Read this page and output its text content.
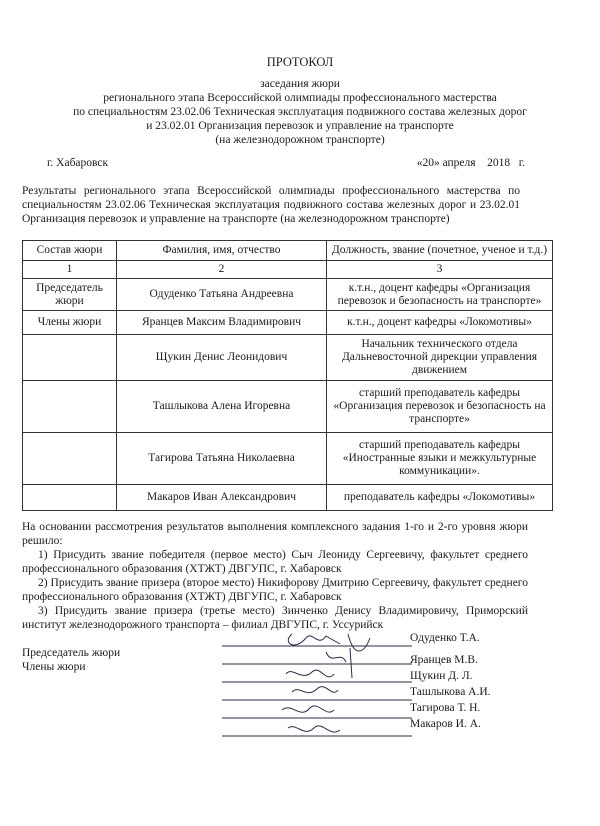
ПРОТОКОЛ
заседания жюри
регионального этапа Всероссийской олимпиады профессионального мастерства
по специальностям 23.02.06 Техническая эксплуатация подвижного состава железных дорог
и 23.02.01 Организация перевозок и управление на транспорте
(на железнодорожном транспорте)
г. Хабаровск	«20» апреля    2018   г.
Результаты регионального этапа Всероссийской олимпиады профессионального мастерства по специальностям 23.02.06 Техническая эксплуатация подвижного состава железных дорог и 23.02.01 Организация перевозок и управление на транспорте (на железнодорожном транспорте)
Состав жюри	Фамилия, имя, отчество	Должность, звание (почетное, ученое и т.д.)
1	2	3
Председатель жюри	Одуденко Татьяна Андреевна	к.т.н., доцент кафедры «Организация перевозок и безопасность на транспорте»
Члены жюри	Яранцев Максим Владимирович	к.т.н., доцент кафедры «Локомотивы»
	Щукин Денис Леонидович	Начальник технического отдела Дальневосточной дирекции управления движением
	Ташлыкова Алена Игоревна	старший преподаватель кафедры «Организация перевозок и безопасность на транспорте»
	Тагирова Татьяна Николаевна	старший преподаватель кафедры «Иностранные языки и межкультурные коммуникации».
	Макаров Иван Александрович	преподаватель кафедры «Локомотивы»

На основании рассмотрения результатов выполнения комплексного задания 1-го и 2-го уровня жюри решило:

1) Присудить звание победителя (первое место) Сыч Леониду Сергеевичу, факультет среднего профессионального образования (ХТЖТ) ДВГУПС, г. Хабаровск

2) Присудить звание призера (второе место) Никифорову Дмитрию Сергеевичу, факультет среднего профессионального образования (ХТЖТ) ДВГУПС, г. Хабаровск

3) Присудить звание призера (третье место) Зинченко Денису Владимировичу, Приморский институт железнодорожного транспорта – филиал ДВГУПС, г. Уссурийск

Председатель жюри
Члены жюри
Одуденко Т.А.
Яранцев М.В.
Щукин Д. Л.
Ташлыкова А.И.
Тагирова Т. Н.
Макаров И. А.
